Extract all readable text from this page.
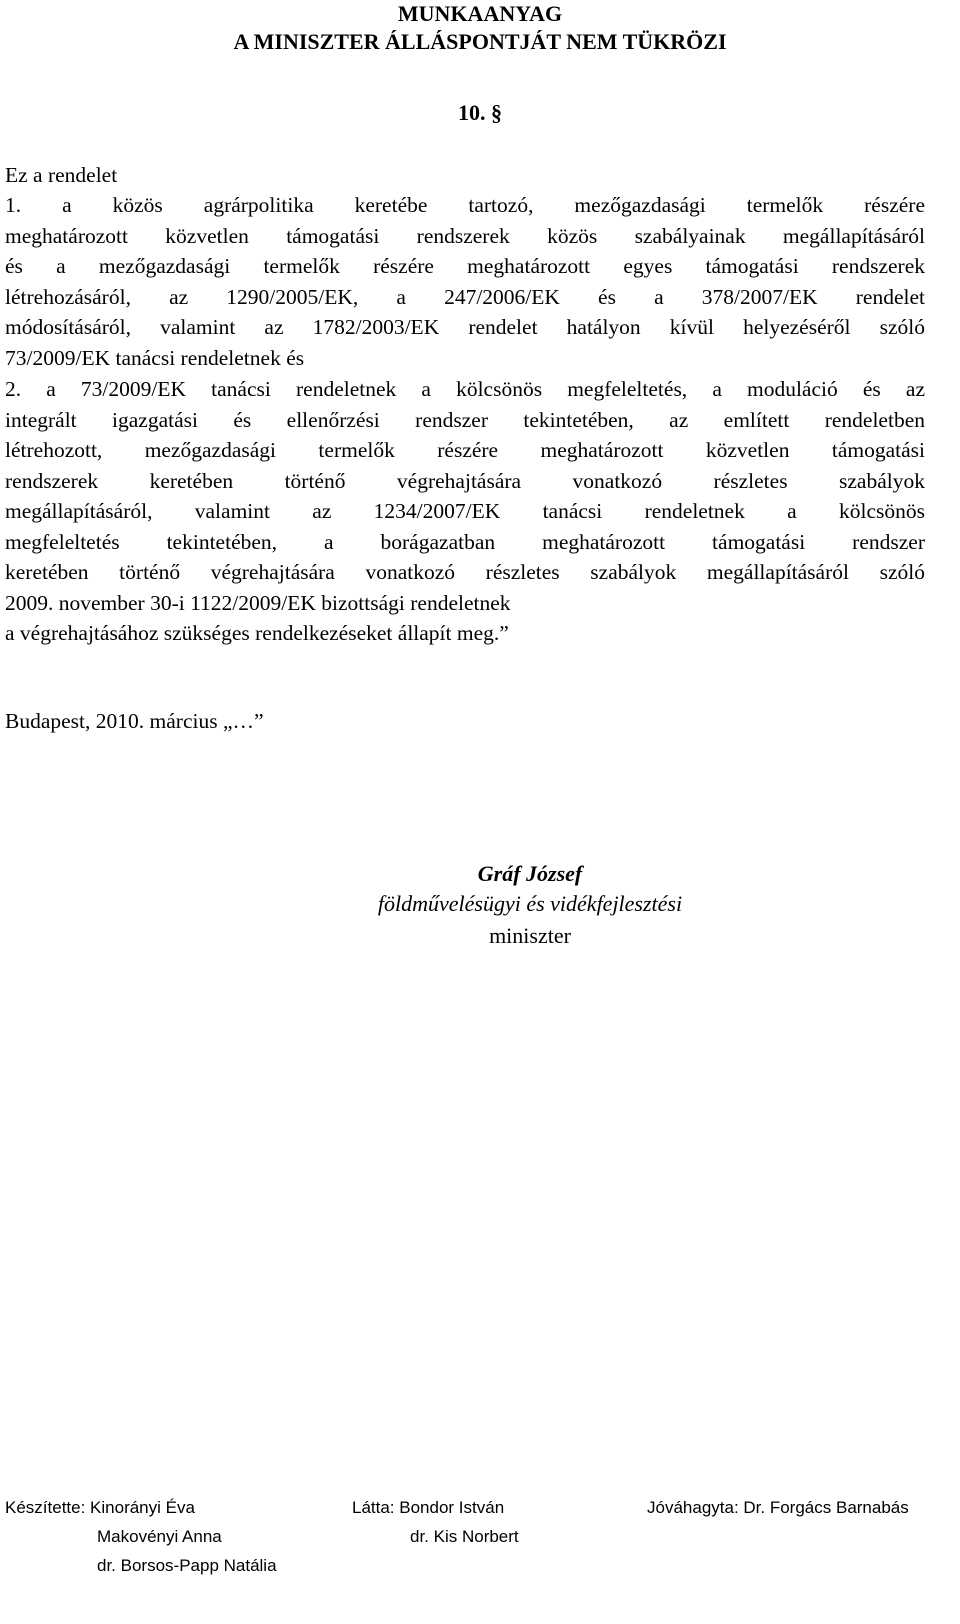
MUNKAANYAG
A MINISZTER ÁLLÁSPONTJÁT NEM TÜKRÖZI
10. §
Ez a rendelet
1. a közös agrárpolitika keretébe tartozó, mezőgazdasági termelők részére
meghatározott közvetlen támogatási rendszerek közös szabályainak megállapításáról
és a mezőgazdasági termelők részére meghatározott egyes támogatási rendszerek
létrehozásáról, az 1290/2005/EK, a 247/2006/EK és a 378/2007/EK rendelet
módosításáról, valamint az 1782/2003/EK rendelet hatályon kívül helyezéséről szóló
73/2009/EK tanácsi rendeletnek és
2. a 73/2009/EK tanácsi rendeletnek a kölcsönös megfeleltetés, a moduláció és az
integrált igazgatási és ellenőrzési rendszer tekintetében, az említett rendeletben
létrehozott, mezőgazdasági termelők részére meghatározott közvetlen támogatási
rendszerek keretében történő végrehajtására vonatkozó részletes szabályok
megállapításáról, valamint az 1234/2007/EK tanácsi rendeletnek a kölcsönös
megfeleltetés tekintetében, a borágazatban meghatározott támogatási rendszer
keretében történő végrehajtására vonatkozó részletes szabályok megállapításáról szóló
2009. november 30-i 1122/2009/EK bizottsági rendeletnek
a végrehajtásához szükséges rendelkezéseket állapít meg.”
Budapest, 2010. március „…”
Gráf József
földművelésügyi és vidékfejlesztési
miniszter
Készítette: Kinorányi Éva
Makovényi Anna
dr. Borsos-Papp Natália
Látta: Bondor István
dr. Kis Norbert
Jóváhagyta: Dr. Forgács Barnabás
